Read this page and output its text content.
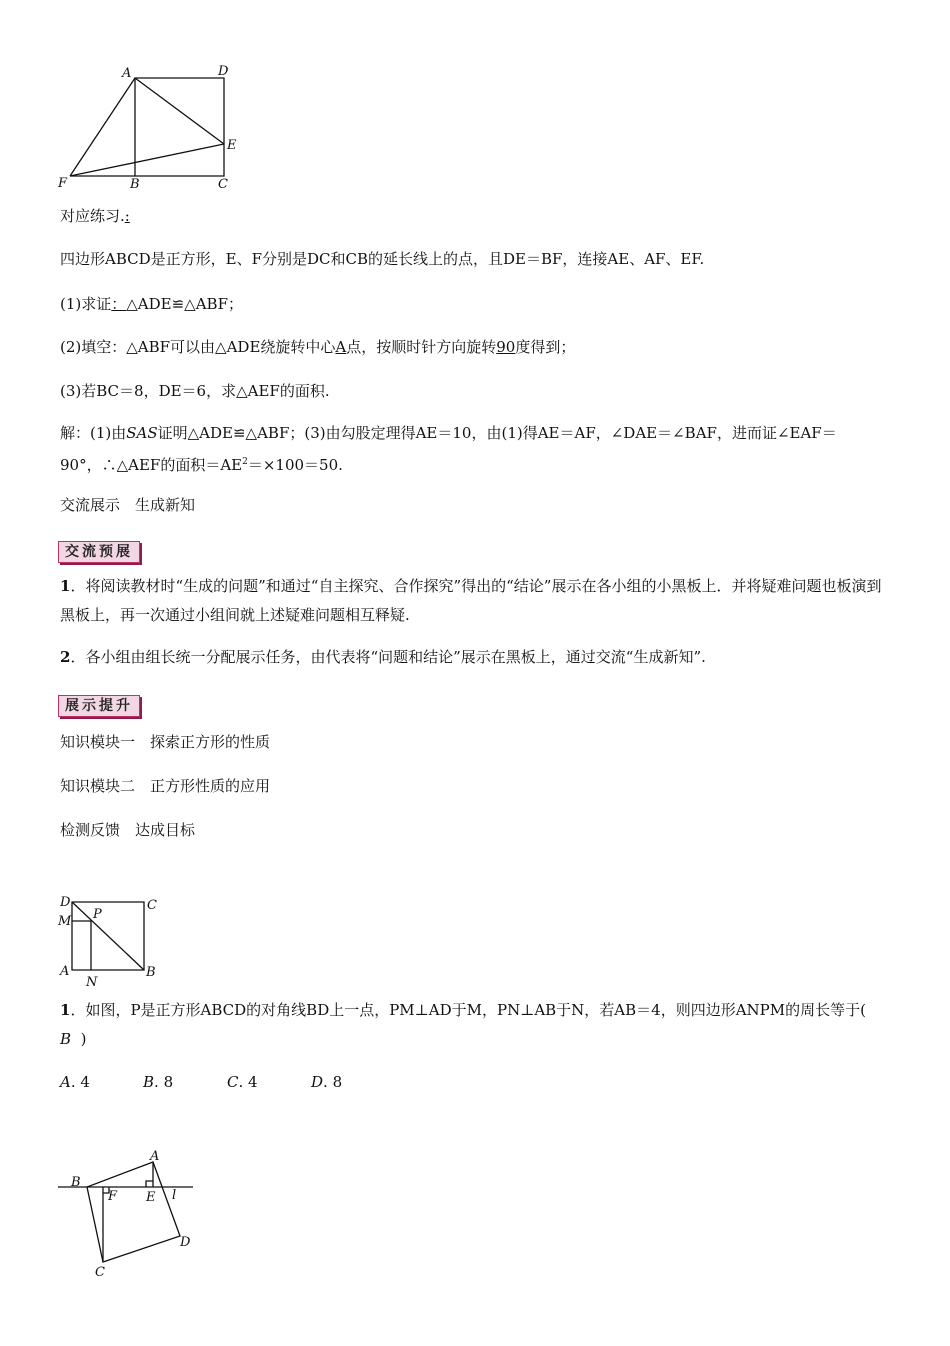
A	D
E
F	B	C
对应练习.:
四边形ABCD是正方形，E、F分别是DC和CB的延长线上的点，且DE＝BF，连接AE、AF、EF.
(1)求证：△ADE≌△ABF；
(2)填空：△ABF可以由△ADE绕旋转中心A点，按顺时针方向旋转90度得到；
(3)若BC＝8，DE＝6，求△AEF的面积.
解：(1)由SAS证明△ADE≌△ABF；(3)由勾股定理得AE＝10，由(1)得AE＝AF，∠DAE＝∠BAF，进而证∠EAF＝
90°，∴△AEF的面积$=AE^2=\times 100=50$.
交流展示　生成新知
交流预展
1．将阅读教材时“生成的问题”和通过“自主探究、合作探究”得出的“结论”展示在各小组的小黑板上．并将疑难问题也板演到黑板上，再一次通过小组间就上述疑难问题相互释疑.
2．各小组由组长统一分配展示任务，由代表将“问题和结论”展示在黑板上，通过交流“生成新知”.
展示提升
知识模块一　探索正方形的性质
知识模块二　正方形性质的应用
检测反馈　达成目标
D	C
M P
A
N
B
1．如图，P是正方形ABCD的对角线BD上一点，PM⊥AD于M，PN⊥AB于N，若AB＝4，则四边形ANPM的周长等于(
B )
A. 4	B. 8	C. 4	D. 8
A
B
F E l
C
D
